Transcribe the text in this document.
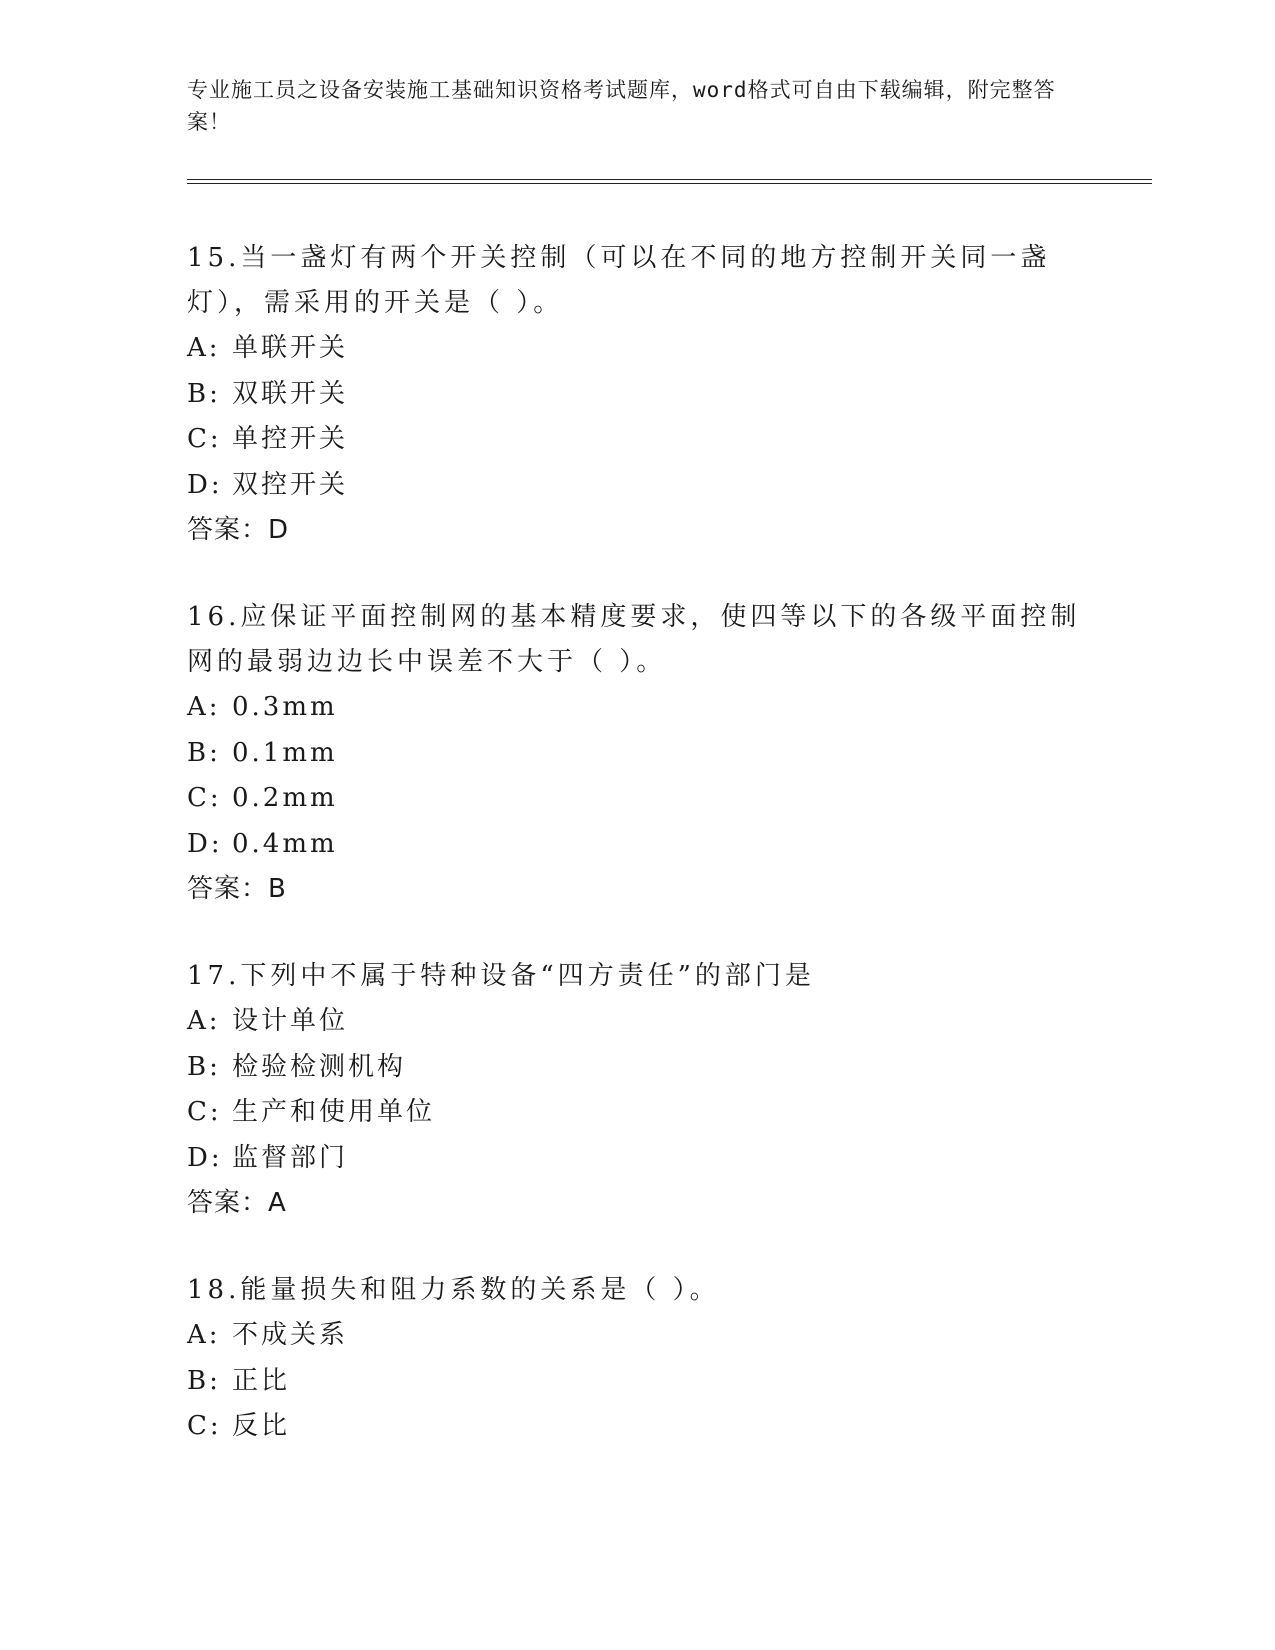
专业施工员之设备安装施工基础知识资格考试题库，word格式可自由下载编辑，附完整答案！

15.当一盏灯有两个开关控制（可以在不同的地方控制开关同一盏灯），需采用的开关是（ ）。

A: 单联开关

B: 双联开关

C: 单控开关

D: 双控开关

答案：D

16.应保证平面控制网的基本精度要求，使四等以下的各级平面控制网的最弱边边长中误差不大于（ ）。

A: 0.3mm

B: 0.1mm

C: 0.2mm

D: 0.4mm

答案：B

17.下列中不属于特种设备“四方责任”的部门是

A: 设计单位

B: 检验检测机构

C: 生产和使用单位

D: 监督部门

答案：A

18.能量损失和阻力系数的关系是（ ）。

A: 不成关系

B: 正比

C: 反比
